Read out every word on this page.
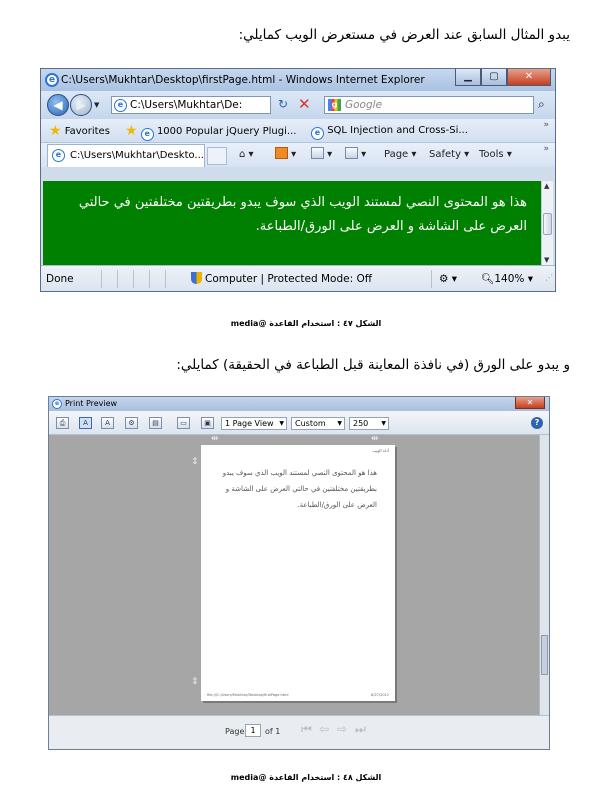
يبدو المثال السابق عند العرض في مستعرض الويب كمايلي:
e C:\Users\Mukhtar\Desktop\firstPage.html - Windows Internet Explorer	▁	▢	✕
◀	▶	▼	e C:\Users\Mukhtar\De:	↻ ✕	g Google	⌕
★ Favorites ★ e 1000 Popular jQuery Plugi...	e SQL Injection and Cross-Si...	»
e C:\Users\Mukhtar\Deskto...	⌂ ▾	▾	▾	▾ Page ▾ Safety ▾ Tools ▾	»
هذا هو المحتوى النصي لمستند الويب الذي سوف يبدو بطريقتين مختلفتين في حالتي العرض على الشاشة و العرض على الورق/الطباعة.
▲
▼
Done	Computer | Protected Mode: Off	⚙ ▾ 🔍︎140% ▾ ⋰
الشكل ٤٧ : استخدام القاعدة @media
و يبدو على الورق (في نافذة المعاينة قبل الطباعة في الحقيقة) كمايلي:
e Print Preview	✕
⎙	A	A	⚙	▤	▭	▣	1 Page View ▼	Custom ▼	250 ▼	?
⇹	⇹
⇕
⇕
أداة الويب
هذا هو المحتوى النصي لمستند الويب الذي سوف يبدو بطريقتين مختلفتين في حالتي العرض على الشاشة و العرض على الورق/الطباعة.
file:///C:/Users/Mukhtar/Desktop/firstPage.html	8/27/2012
Page 1	of 1 ⏮ ⇦ ⇨ ⏭
الشكل ٤٨ : استخدام القاعدة @media
